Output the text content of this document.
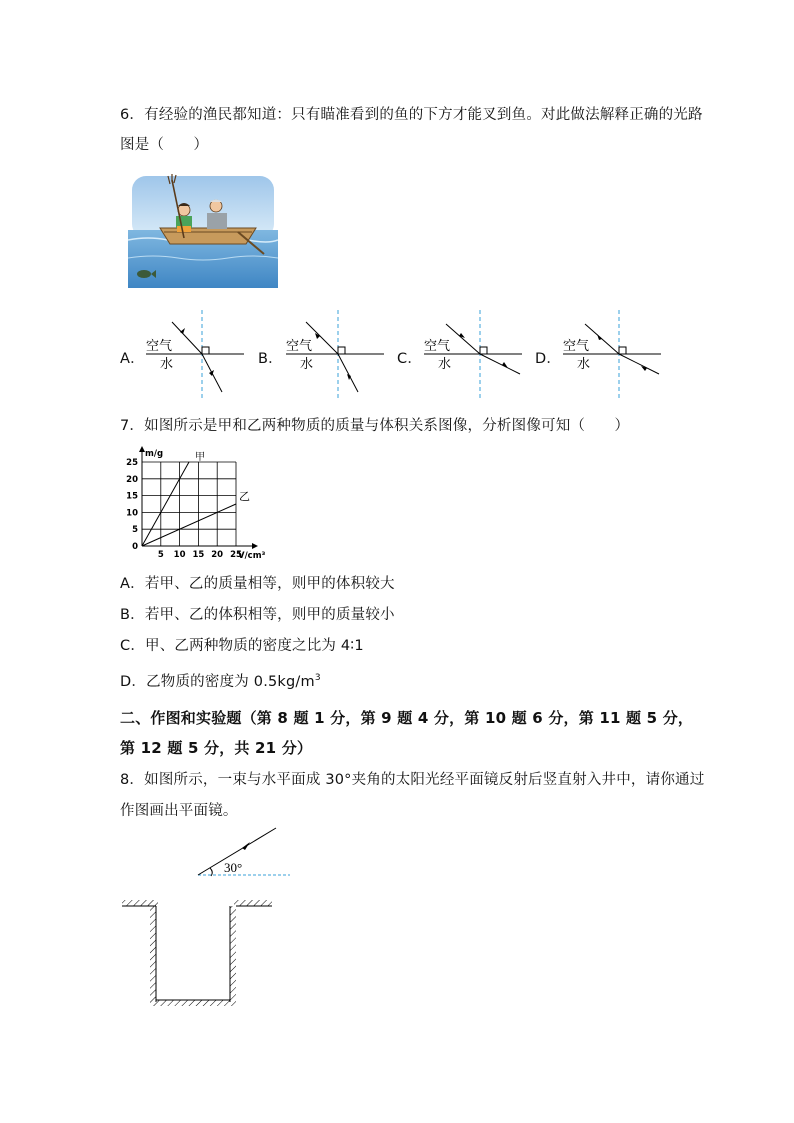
6．有经验的渔民都知道：只有瞄准看到的鱼的下方才能叉到鱼。对此做法解释正确的光路
图是（　　）
A．	B．	C．	D．
空气
水
空气
水
空气
水
空气
水
7．如图所示是甲和乙两种物质的质量与体积关系图像，分析图像可知（　　）
5 10 15 20 25
5
10
15
20
25
0
m/g
V/cm³
甲
乙
A．若甲、乙的质量相等，则甲的体积较大
B．若甲、乙的体积相等，则甲的质量较小
C．甲、乙两种物质的密度之比为 4∶1
D．乙物质的密度为 $0.5kg/m^3$
二、作图和实验题（第 8 题 1 分，第 9 题 4 分，第 10 题 6 分，第 11 题 5 分，
第 12 题 5 分，共 21 分）
8．如图所示，一束与水平面成 30°夹角的太阳光经平面镜反射后竖直射入井中，请你通过
作图画出平面镜。
30°
